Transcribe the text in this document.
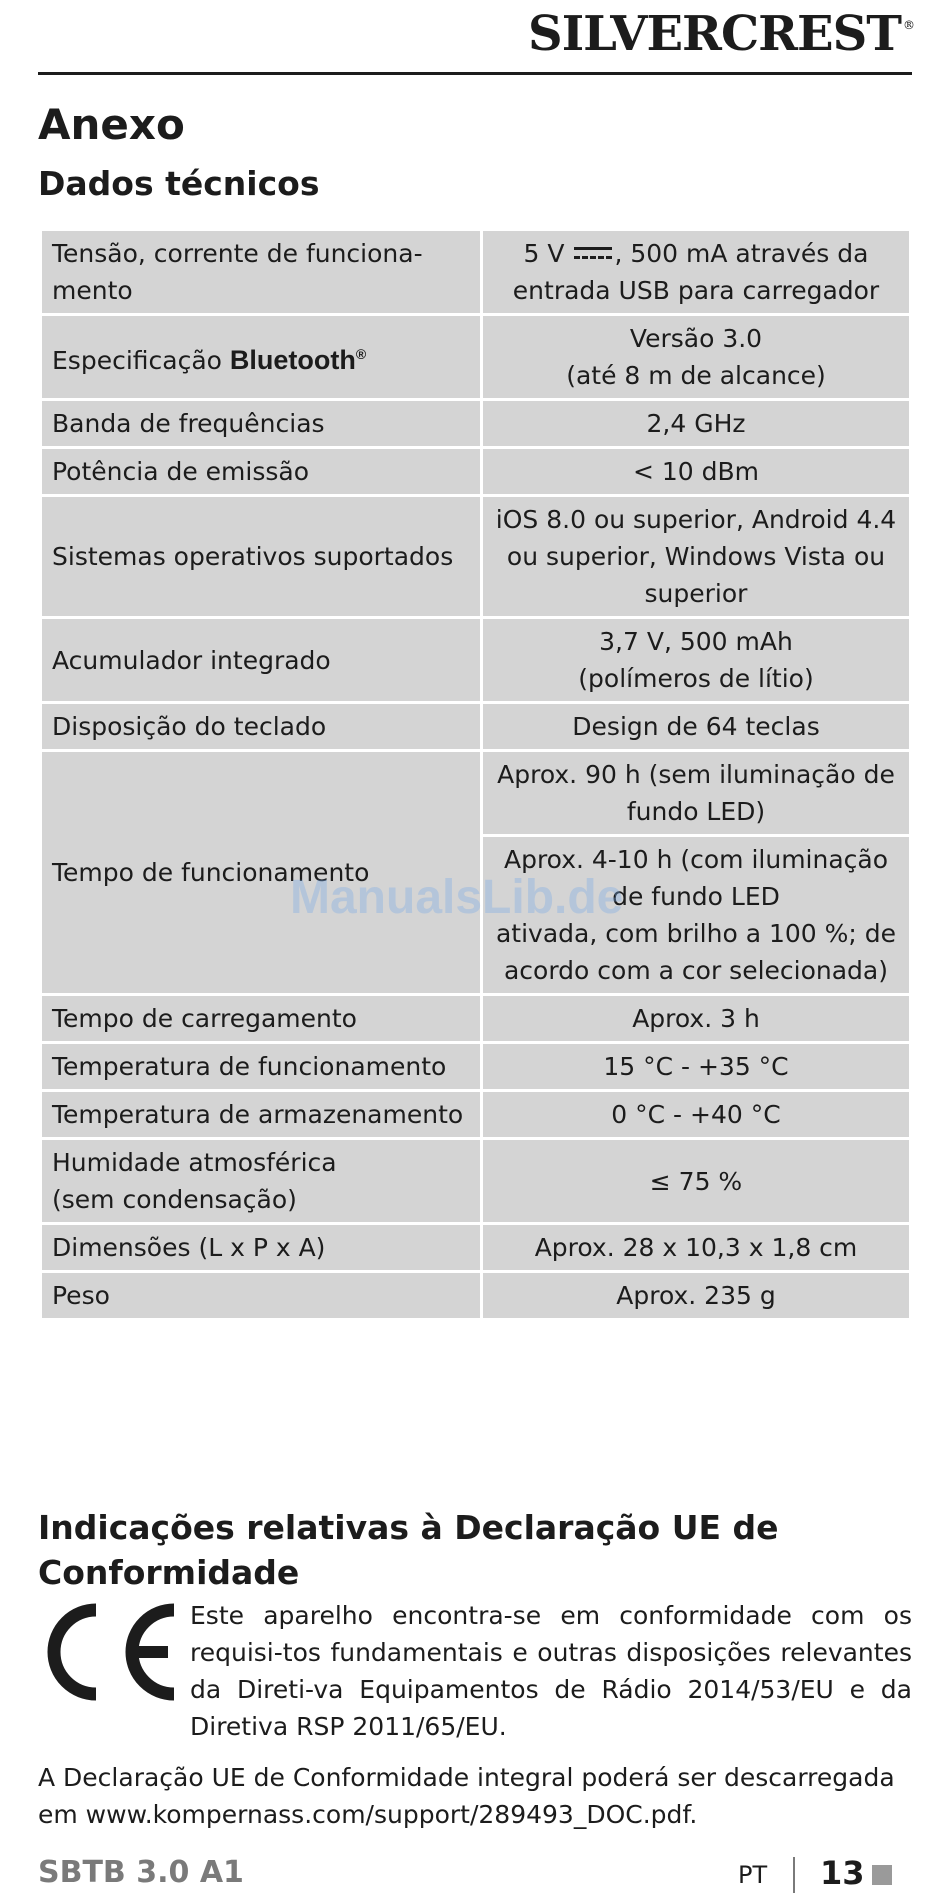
SILVERCREST ®
Anexo
Dados técnicos
Tensão, corrente de funciona-
mento	5 V , 500 mA através da
entrada USB para carregador
Especificação Bluetooth®	Versão 3.0
(até 8 m de alcance)
Banda de frequências	2,4 GHz
Potência de emissão	< 10 dBm
Sistemas operativos suportados	iOS 8.0 ou superior, Android 4.4
ou superior, Windows Vista ou
superior
Acumulador integrado	3,7 V, 500 mAh
(polímeros de lítio)
Disposição do teclado	Design de 64 teclas
Tempo de funcionamento	Aprox. 90 h (sem iluminação de
fundo LED)
	Aprox. 4-10 h (com iluminação
de fundo LED
ativada, com brilho a 100 %; de
acordo com a cor selecionada)
Tempo de carregamento	Aprox. 3 h
Temperatura de funcionamento	15 °C - +35 °C
Temperatura de armazenamento	0 °C - +40 °C
Humidade atmosférica
(sem condensação)	≤ 75 %
Dimensões (L x P x A)	Aprox. 28 x 10,3 x 1,8 cm
Peso	Aprox. 235 g
Indicações relativas à Declaração UE de Conformidade
Este aparelho encontra-se em conformidade com os requisi-tos fundamentais e outras disposições relevantes da Direti-va Equipamentos de Rádio 2014/53/EU e da Diretiva RSP 2011/65/EU.
A Declaração UE de Conformidade integral poderá ser descarregada em www.kompernass.com/support/289493_DOC.pdf.
SBTB 3.0 A1	PT 13
ManualsLib.de
